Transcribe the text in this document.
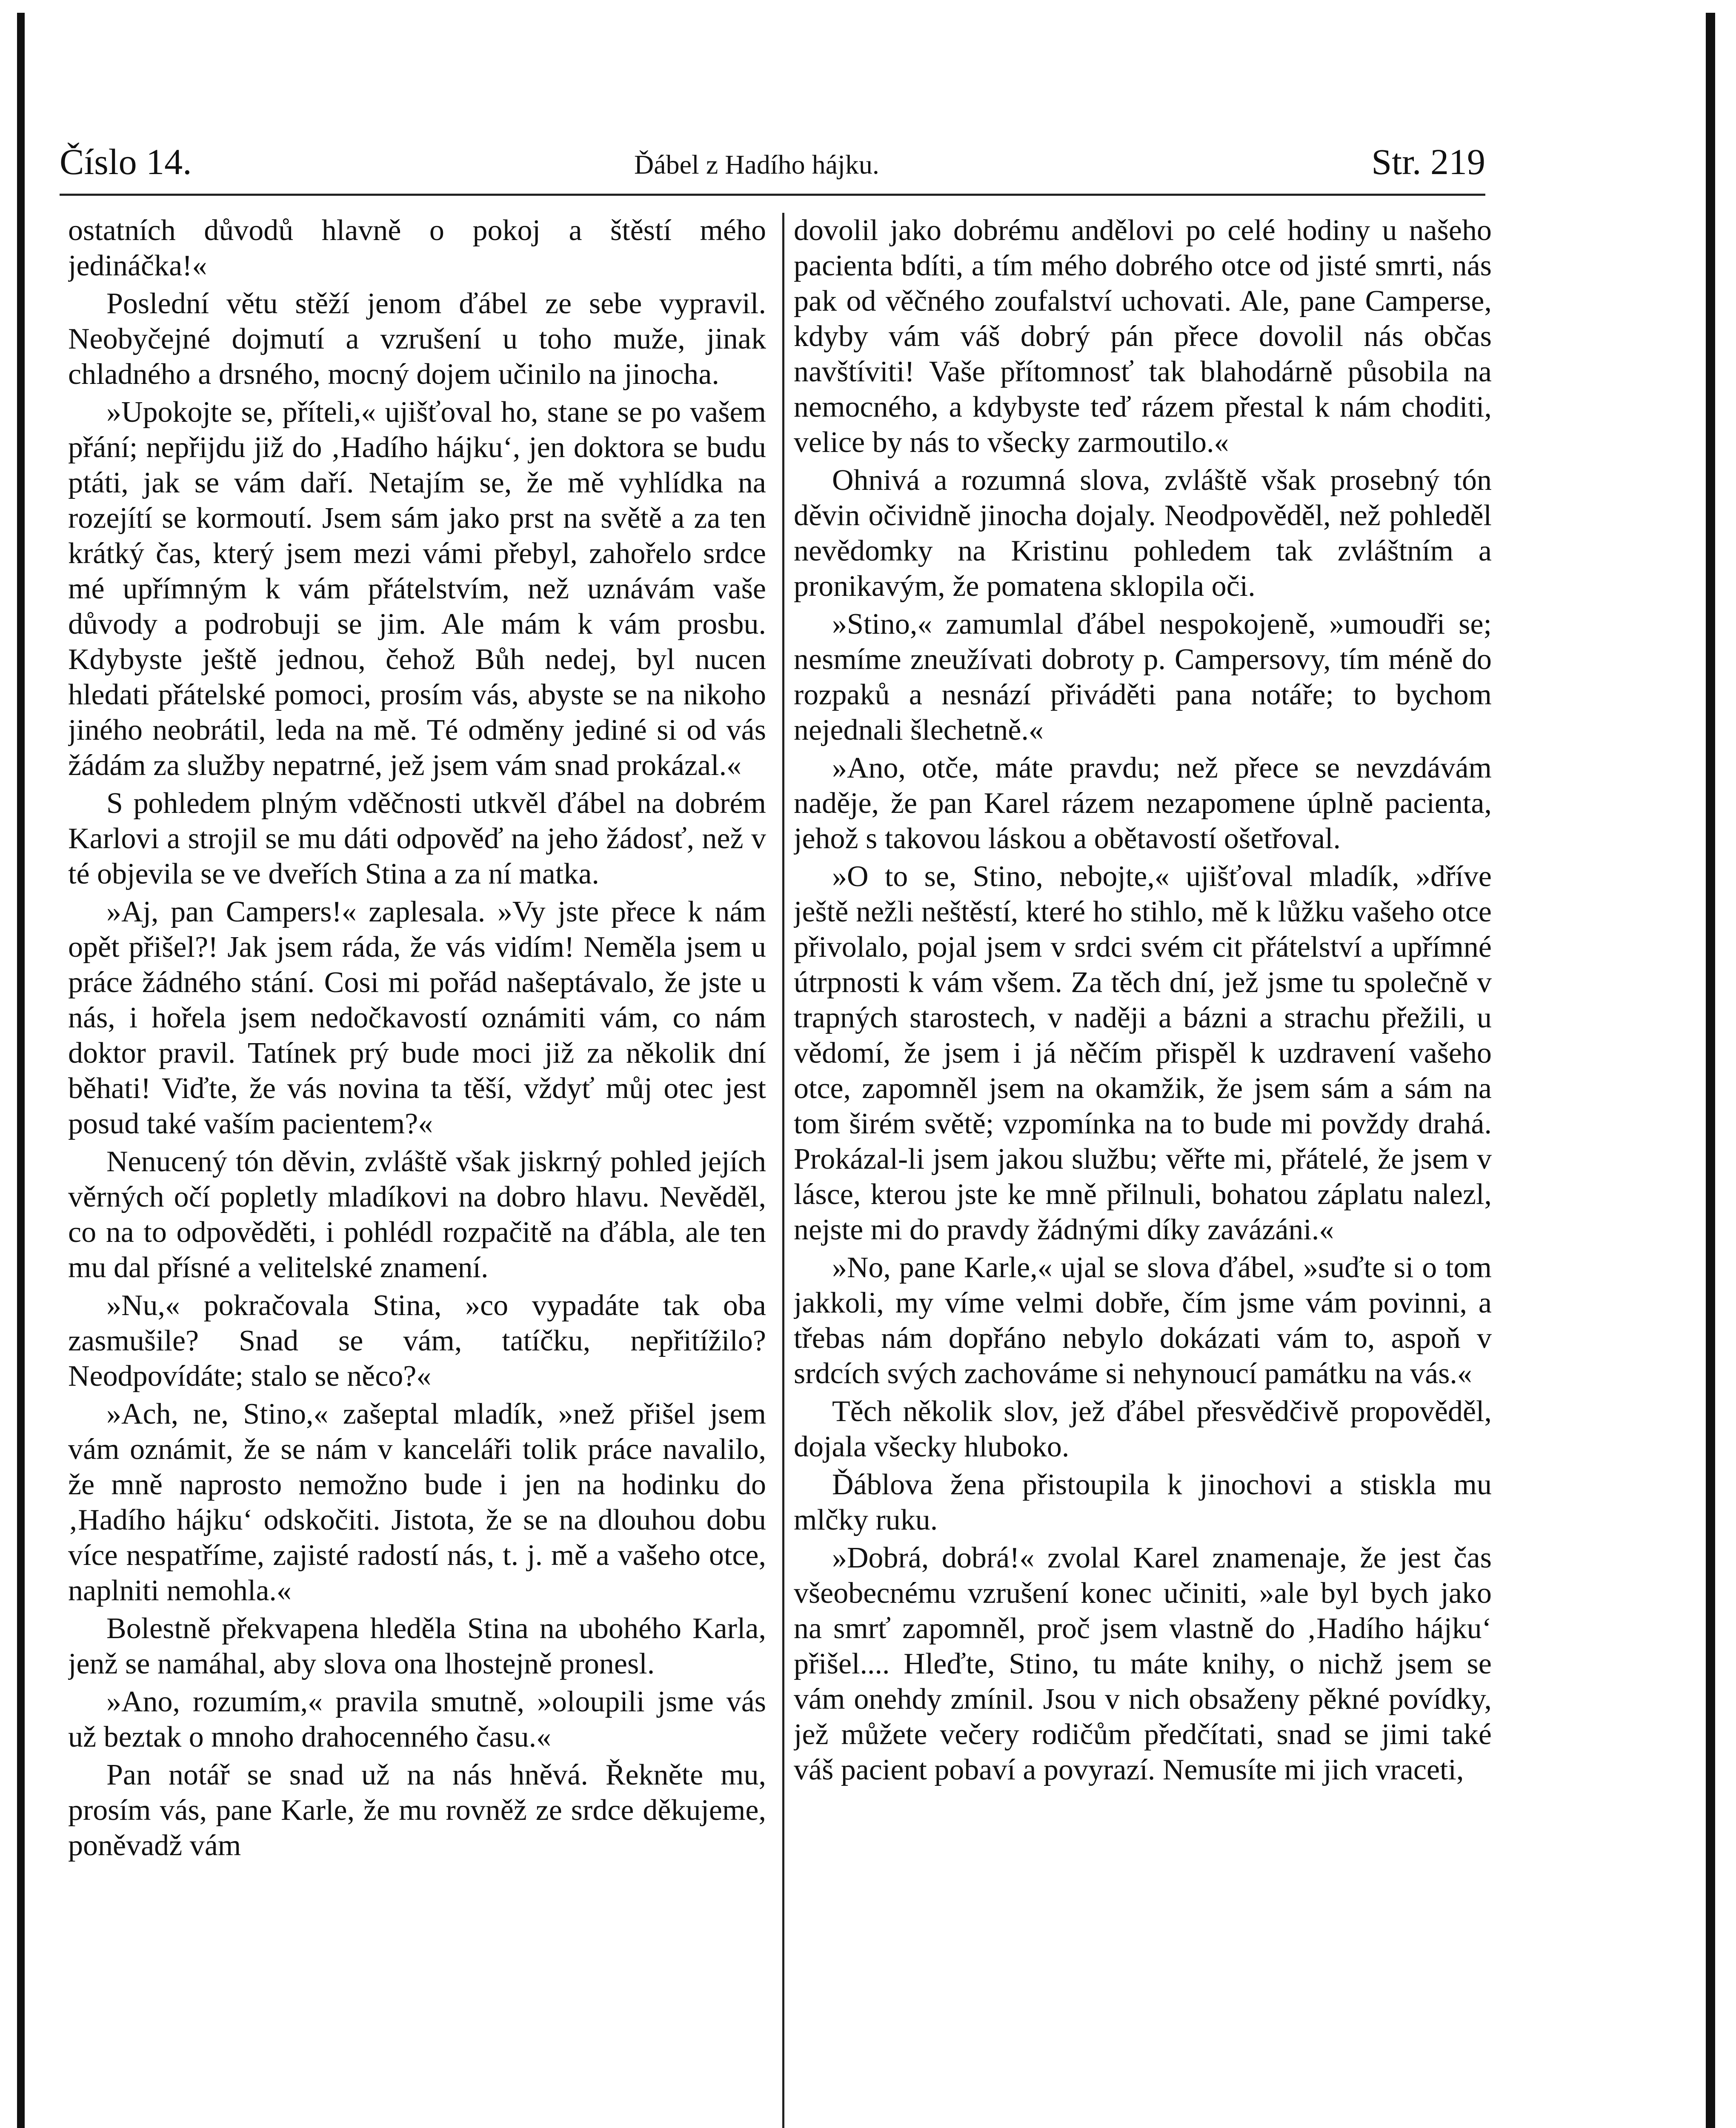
Číslo 14.	Ďábel z Hadího hájku.	Str. 219

ostatních důvodů hlavně o pokoj a štěstí mého jedináčka!«

Poslední větu stěží jenom ďábel ze sebe vypravil. Neobyčejné dojmutí a vzrušení u toho muže, jinak chladného a drsného, mocný dojem učinilo na jinocha.

»Upokojte se, příteli,« ujišťoval ho, stane se po vašem přání; nepřijdu již do ‚Hadího hájku‘, jen doktora se budu ptáti, jak se vám daří. Netajím se, že mě vyhlídka na rozejítí se kormoutí. Jsem sám jako prst na světě a za ten krátký čas, který jsem mezi vámi přebyl, zahořelo srdce mé upřímným k vám přátelstvím, než uznávám vaše důvody a podrobuji se jim. Ale mám k vám prosbu. Kdybyste ještě jednou, čehož Bůh nedej, byl nucen hledati přátelské pomoci, prosím vás, abyste se na nikoho jiného neobrátil, leda na mě. Té odměny jediné si od vás žádám za služby nepatrné, jež jsem vám snad prokázal.«

S pohledem plným vděčnosti utkvěl ďábel na dobrém Karlovi a strojil se mu dáti odpověď na jeho žádosť, než v té objevila se ve dveřích Stina a za ní matka.

»Aj, pan Campers!« zaplesala. »Vy jste přece k nám opět přišel?! Jak jsem ráda, že vás vidím! Neměla jsem u práce žádného stání. Cosi mi pořád našeptávalo, že jste u nás, i hořela jsem nedočkavostí oznámiti vám, co nám doktor pravil. Tatínek prý bude moci již za několik dní běhati! Viďte, že vás novina ta těší, vždyť můj otec jest posud také vaším pacientem?«

Nenucený tón děvin, zvláště však jiskrný pohled jejích věrných očí popletly mladíkovi na dobro hlavu. Nevěděl, co na to odpověděti, i pohlédl rozpačitě na ďábla, ale ten mu dal přísné a velitelské znamení.

»Nu,« pokračovala Stina, »co vypadáte tak oba zasmušile? Snad se vám, tatíčku, nepřitížilo? Neodpovídáte; stalo se něco?«

»Ach, ne, Stino,« zašeptal mladík, »než přišel jsem vám oznámit, že se nám v kanceláři tolik práce navalilo, že mně naprosto nemožno bude i jen na hodinku do ‚Hadího hájku‘ odskočiti. Jistota, že se na dlouhou dobu více nespatříme, zajisté radostí nás, t. j. mě a vašeho otce, naplniti nemohla.«

Bolestně překvapena hleděla Stina na ubohého Karla, jenž se namáhal, aby slova ona lhostejně pronesl.

»Ano, rozumím,« pravila smutně, »oloupili jsme vás už beztak o mnoho drahocenného času.«

Pan notář se snad už na nás hněvá. Řekněte mu, prosím vás, pane Karle, že mu rovněž ze srdce děkujeme, poněvadž vám

dovolil jako dobrému andělovi po celé hodiny u našeho pacienta bdíti, a tím mého dobrého otce od jisté smrti, nás pak od věčného zoufalství uchovati. Ale, pane Camperse, kdyby vám váš dobrý pán přece dovolil nás občas navštíviti! Vaše přítomnosť tak blahodárně působila na nemocného, a kdybyste teď rázem přestal k nám choditi, velice by nás to všecky zarmoutilo.«

Ohnivá a rozumná slova, zvláště však prosebný tón děvin očividně jinocha dojaly. Neodpověděl, než pohleděl nevědomky na Kristinu pohledem tak zvláštním a pronikavým, že pomatena sklopila oči.

»Stino,« zamumlal ďábel nespokojeně, »umoudři se; nesmíme zneužívati dobroty p. Campersovy, tím méně do rozpaků a nesnází přiváděti pana notáře; to bychom nejednali šlechetně.«

»Ano, otče, máte pravdu; než přece se nevzdávám naděje, že pan Karel rázem nezapomene úplně pacienta, jehož s takovou láskou a obětavostí ošetřoval.

»O to se, Stino, nebojte,« ujišťoval mladík, »dříve ještě nežli neštěstí, které ho stihlo, mě k lůžku vašeho otce přivolalo, pojal jsem v srdci svém cit přátelství a upřímné útrpnosti k vám všem. Za těch dní, jež jsme tu společně v trapných starostech, v naději a bázni a strachu přežili, u vědomí, že jsem i já něčím přispěl k uzdravení vašeho otce, zapomněl jsem na okamžik, že jsem sám a sám na tom širém světě; vzpomínka na to bude mi povždy drahá. Prokázal-li jsem jakou službu; věřte mi, přátelé, že jsem v lásce, kterou jste ke mně přilnuli, bohatou záplatu nalezl, nejste mi do pravdy žádnými díky zavázáni.«

»No, pane Karle,« ujal se slova ďábel, »suďte si o tom jakkoli, my víme velmi dobře, čím jsme vám povinni, a třebas nám dopřáno nebylo dokázati vám to, aspoň v srdcích svých zachováme si nehynoucí památku na vás.«

Těch několik slov, jež ďábel přesvědčivě propověděl, dojala všecky hluboko.

Ďáblova žena přistoupila k jinochovi a stiskla mu mlčky ruku.

»Dobrá, dobrá!« zvolal Karel znamenaje, že jest čas všeobecnému vzrušení konec učiniti, »ale byl bych jako na smrť zapomněl, proč jsem vlastně do ‚Hadího hájku‘ přišel.... Hleďte, Stino, tu máte knihy, o nichž jsem se vám onehdy zmínil. Jsou v nich obsaženy pěkné povídky, jež můžete večery rodičům předčítati, snad se jimi také váš pacient pobaví a povyrazí. Nemusíte mi jich vraceti,
